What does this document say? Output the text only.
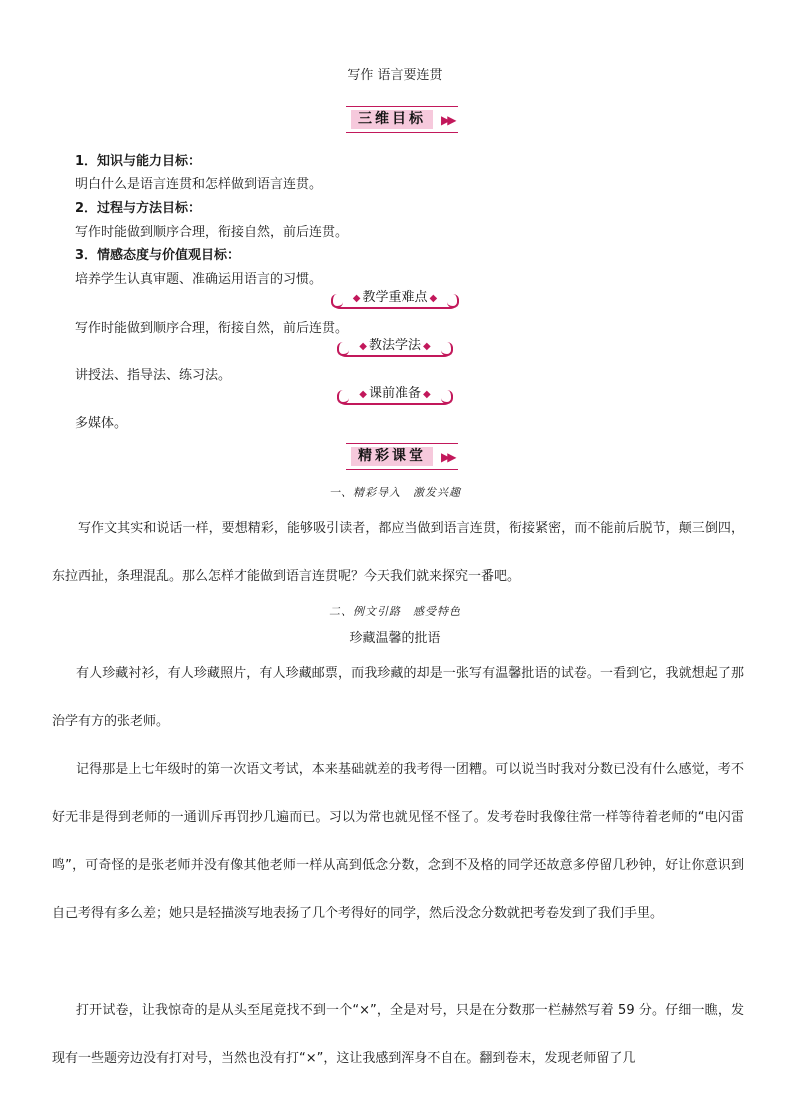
写作 语言要连贯
三维目标	▶▶
1．知识与能力目标：
明白什么是语言连贯和怎样做到语言连贯。
2．过程与方法目标：
写作时能做到顺序合理，衔接自然，前后连贯。
3．情感态度与价值观目标：
培养学生认真审题、准确运用语言的习惯。
◆ 教学重难点 ◆
写作时能做到顺序合理，衔接自然，前后连贯。
◆ 教法学法 ◆
讲授法、指导法、练习法。
◆ 课前准备 ◆
多媒体。
精彩课堂	▶▶
一、精彩导入　激发兴趣

写作文其实和说话一样，要想精彩，能够吸引读者，都应当做到语言连贯，衔接紧密，而不能前后脱节，颠三倒四，东拉西扯，条理混乱。那么怎样才能做到语言连贯呢？今天我们就来探究一番吧。

二、例文引路　感受特色
珍藏温馨的批语

有人珍藏衬衫，有人珍藏照片，有人珍藏邮票，而我珍藏的却是一张写有温馨批语的试卷。一看到它，我就想起了那治学有方的张老师。

记得那是上七年级时的第一次语文考试，本来基础就差的我考得一团糟。可以说当时我对分数已没有什么感觉，考不好无非是得到老师的一通训斥再罚抄几遍而已。习以为常也就见怪不怪了。发考卷时我像往常一样等待着老师的“电闪雷鸣”，可奇怪的是张老师并没有像其他老师一样从高到低念分数，念到不及格的同学还故意多停留几秒钟，好让你意识到自己考得有多么差；她只是轻描淡写地表扬了几个考得好的同学，然后没念分数就把考卷发到了我们手里。

打开试卷，让我惊奇的是从头至尾竟找不到一个“×”，全是对号，只是在分数那一栏赫然写着 59 分。仔细一瞧，发现有一些题旁边没有打对号，当然也没有打“×”，这让我感到浑身不自在。翻到卷末，发现老师留了几
